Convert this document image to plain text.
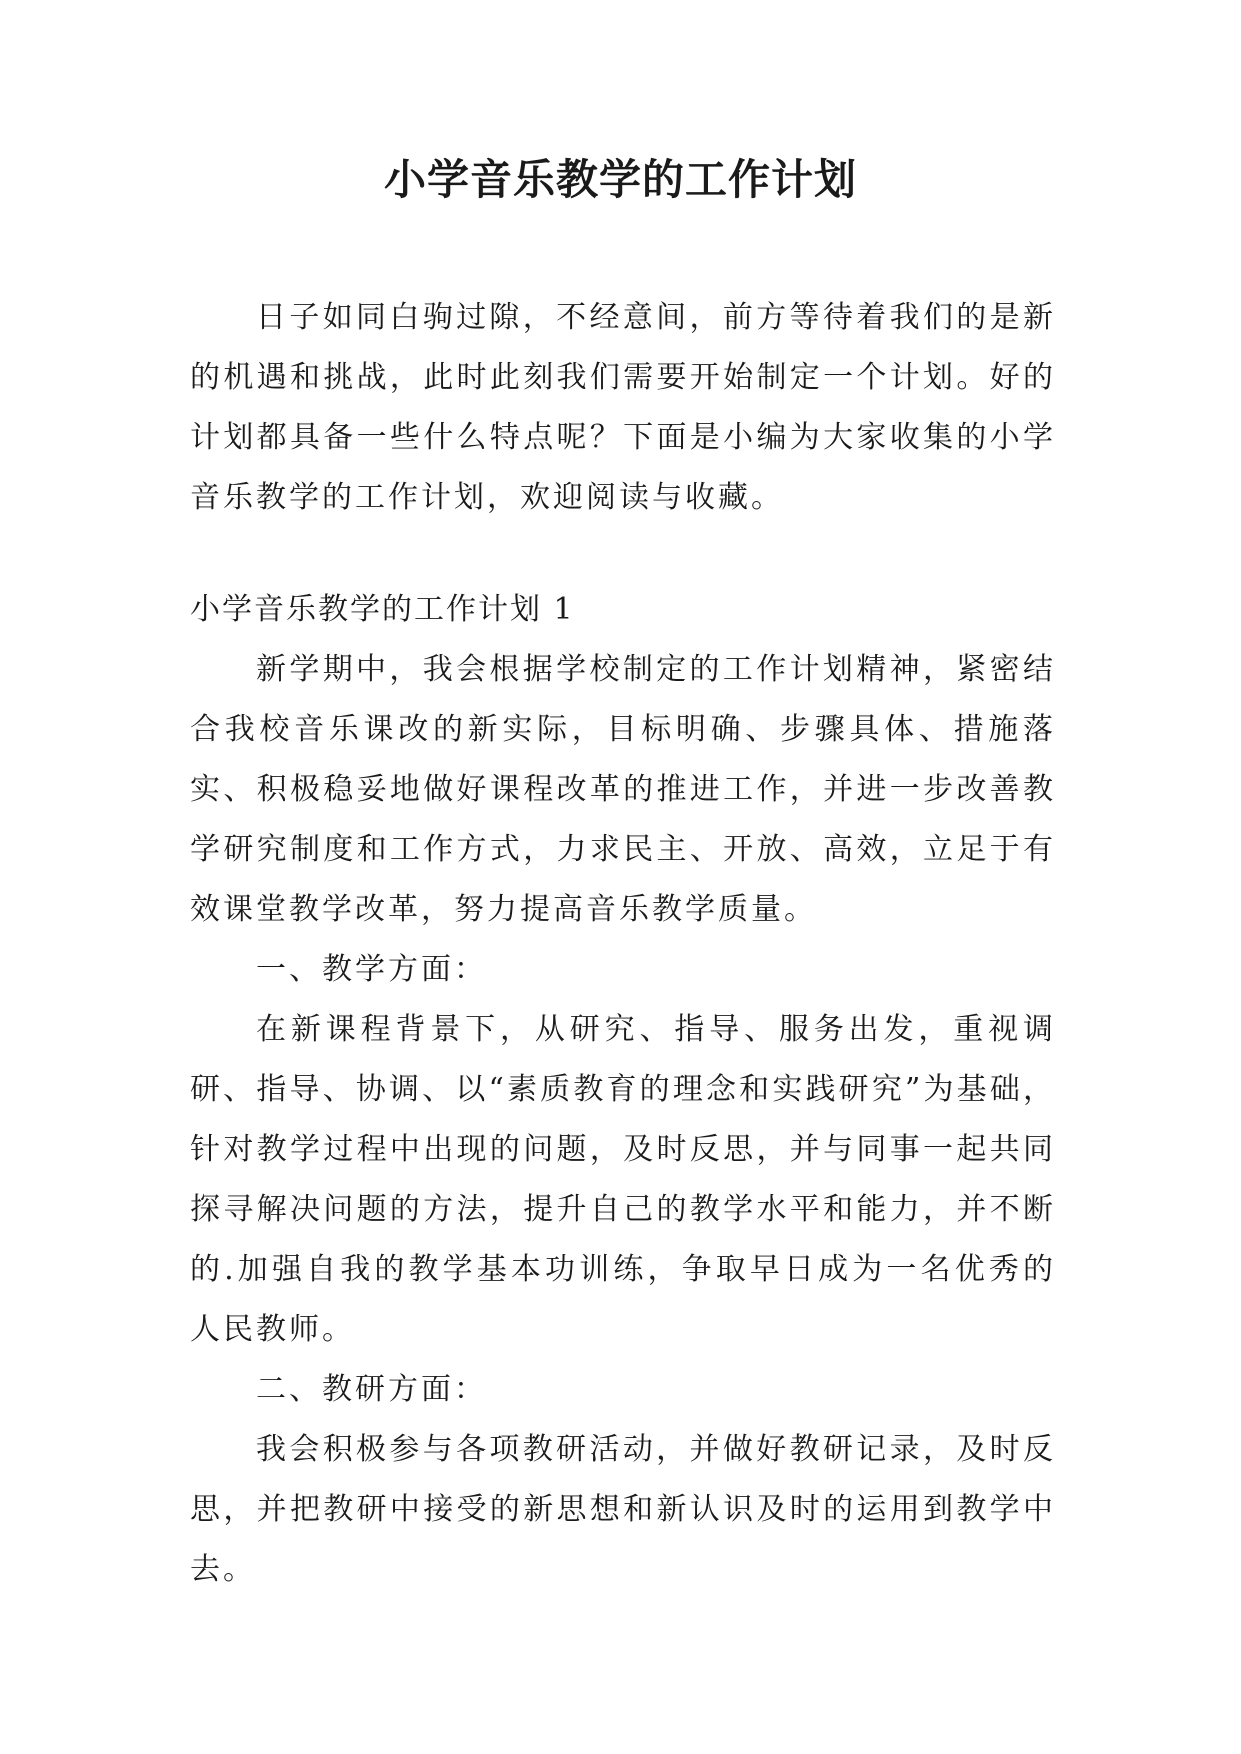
小学音乐教学的工作计划

日子如同白驹过隙，不经意间，前方等待着我们的是新的机遇和挑战，此时此刻我们需要开始制定一个计划。好的计划都具备一些什么特点呢？下面是小编为大家收集的小学音乐教学的工作计划，欢迎阅读与收藏。

小学音乐教学的工作计划 1

新学期中，我会根据学校制定的工作计划精神，紧密结合我校音乐课改的新实际，目标明确、步骤具体、措施落实、积极稳妥地做好课程改革的推进工作，并进一步改善教学研究制度和工作方式，力求民主、开放、高效，立足于有效课堂教学改革，努力提高音乐教学质量。

一、教学方面：

在新课程背景下，从研究、指导、服务出发，重视调研、指导、协调、以“素质教育的理念和实践研究”为基础，针对教学过程中出现的问题，及时反思，并与同事一起共同探寻解决问题的方法，提升自己的教学水平和能力，并不断的.加强自我的教学基本功训练，争取早日成为一名优秀的人民教师。

二、教研方面：

我会积极参与各项教研活动，并做好教研记录，及时反思，并把教研中接受的新思想和新认识及时的运用到教学中去。
